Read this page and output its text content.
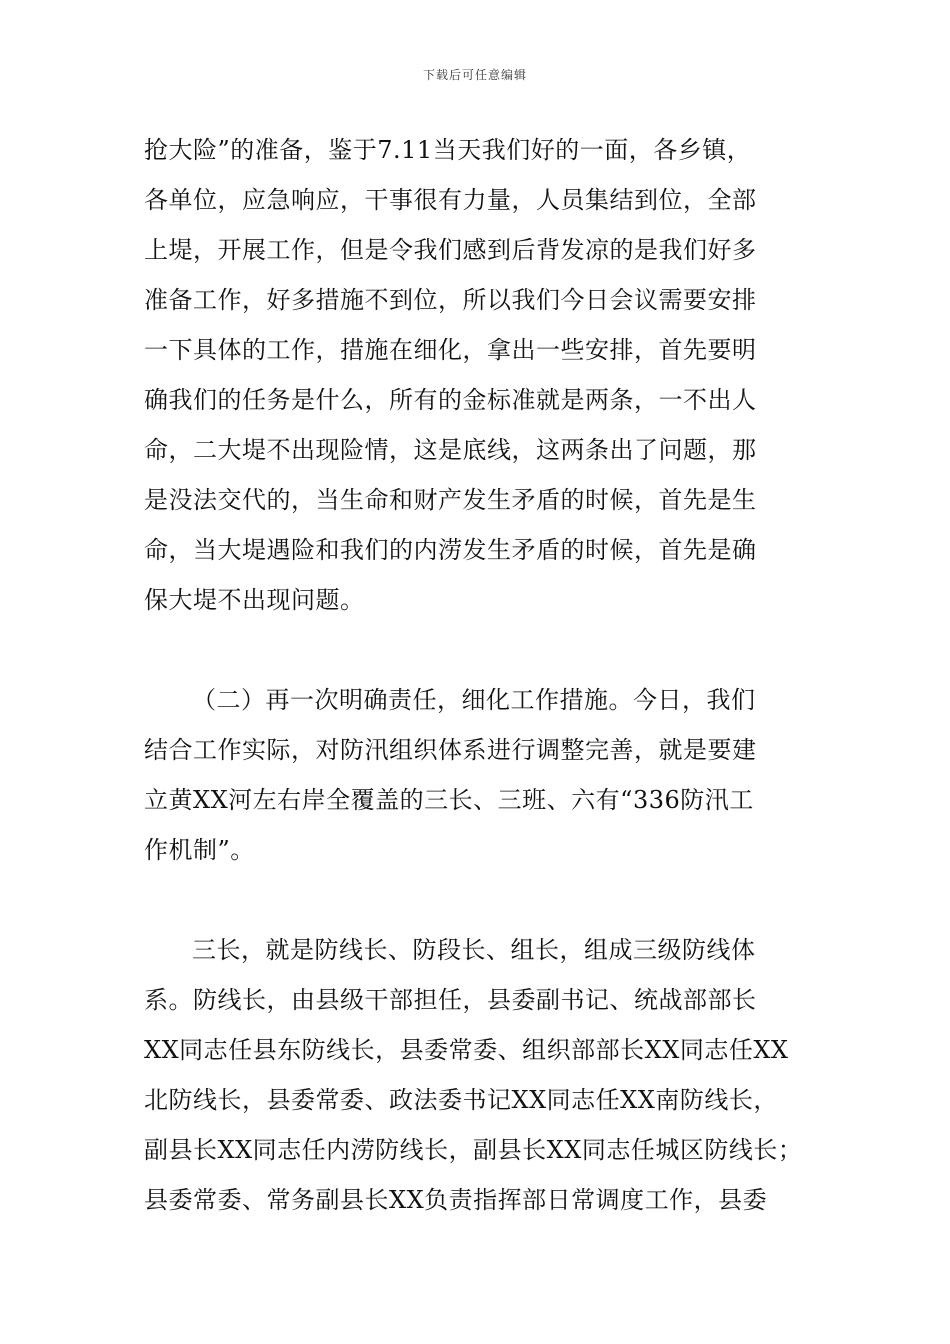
下载后可任意编辑
抢大险”的准备，鉴于7.11当天我们好的一面，各乡镇，
各单位，应急响应，干事很有力量，人员集结到位，全部
上堤，开展工作，但是令我们感到后背发凉的是我们好多
准备工作，好多措施不到位，所以我们今日会议需要安排
一下具体的工作，措施在细化，拿出一些安排，首先要明
确我们的任务是什么，所有的金标准就是两条，一不出人
命，二大堤不出现险情，这是底线，这两条出了问题，那
是没法交代的，当生命和财产发生矛盾的时候，首先是生
命，当大堤遇险和我们的内涝发生矛盾的时候，首先是确
保大堤不出现问题。
（二）再一次明确责任，细化工作措施。今日，我们
结合工作实际，对防汛组织体系进行调整完善，就是要建
立黄XX河左右岸全覆盖的三长、三班、六有“336防汛工
作机制”。
三长，就是防线长、防段长、组长，组成三级防线体
系。防线长，由县级干部担任，县委副书记、统战部部长
XX同志任县东防线长，县委常委、组织部部长XX同志任XX
北防线长，县委常委、政法委书记XX同志任XX南防线长，
副县长XX同志任内涝防线长，副县长XX同志任城区防线长；
县委常委、常务副县长XX负责指挥部日常调度工作，县委
